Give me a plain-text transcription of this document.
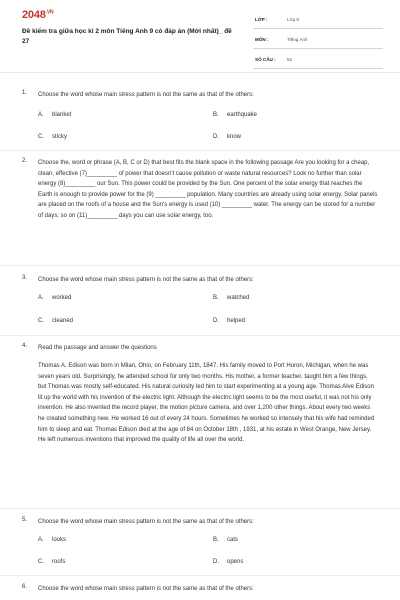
$2048^{.VN}$
Đề kiểm tra giữa học kì 2 môn Tiếng Anh 9 có đáp án (Mới nhất)_ đề 27
LỚP :	Lớp 9
MÔN :	Tiếng Anh
SỐ CÂU : 52
1. Choose the word whose main stress pattern is not the same as that of the others:
A. blanket	B. earthquake
C. sticky	D. know
2. Choose the, word or phrase (A, B, C or D) that best fits the blank space in the following passage Are you looking for a cheap, clean, effective (7)_________ of power that doesn't cause pollution or waste natural resources? Look no further than solar energy (8)_________ our Sun. This power could be provided by the Sun. One percent of the solar energy that reaches the Earth is enough to provide power for the (9) _________ population. Many countries are already using solar energy. Solar panels are placed on the roofs of a house and the Sun's energy is used (10) _________ water. The energy can be stored for a number of days; so on (11)_________ days you can use solar energy, too.
3. Choose the word whose main stress pattern is not the same as that of the others:
A. worked	B. watched
C. cleaned	D. helped
4. Read the passage and answer the questions
Thomas A. Edison was born in Milan, Ohio, on February 11th, 1847. His family moved to Port Huron, Michigan, when he was seven years old. Surprisingly, he attended school for only two months. His mother, a former teacher, taught him a few things, but Thomas was mostly self-educated. His natural curiosity led him to start experimenting at a young age. Thomas Alve Edison lit up the world with his invention of the electric light. Although the electric light seems to be the most useful, it was not his only invention. He also invented the record player, the motion picture camera, and over 1,200 other things. About every two weeks he created something new. He worked 16 out of every 24 hours. Sometimes he worked so intensely that his wife had reminded him to sleep and eat. Thomas Edison died at the age of 84 on October 18th , 1931, at his estate in West Orange, New Jersey. He left numerous inventions that improved the quality of life all over the world.
5. Choose the word whose main stress pattern is not the same as that of the others:
A. looks	B. cats
C. roofs	D. opens
6. Choose the word whose main stress pattern is not the same as that of the others:
